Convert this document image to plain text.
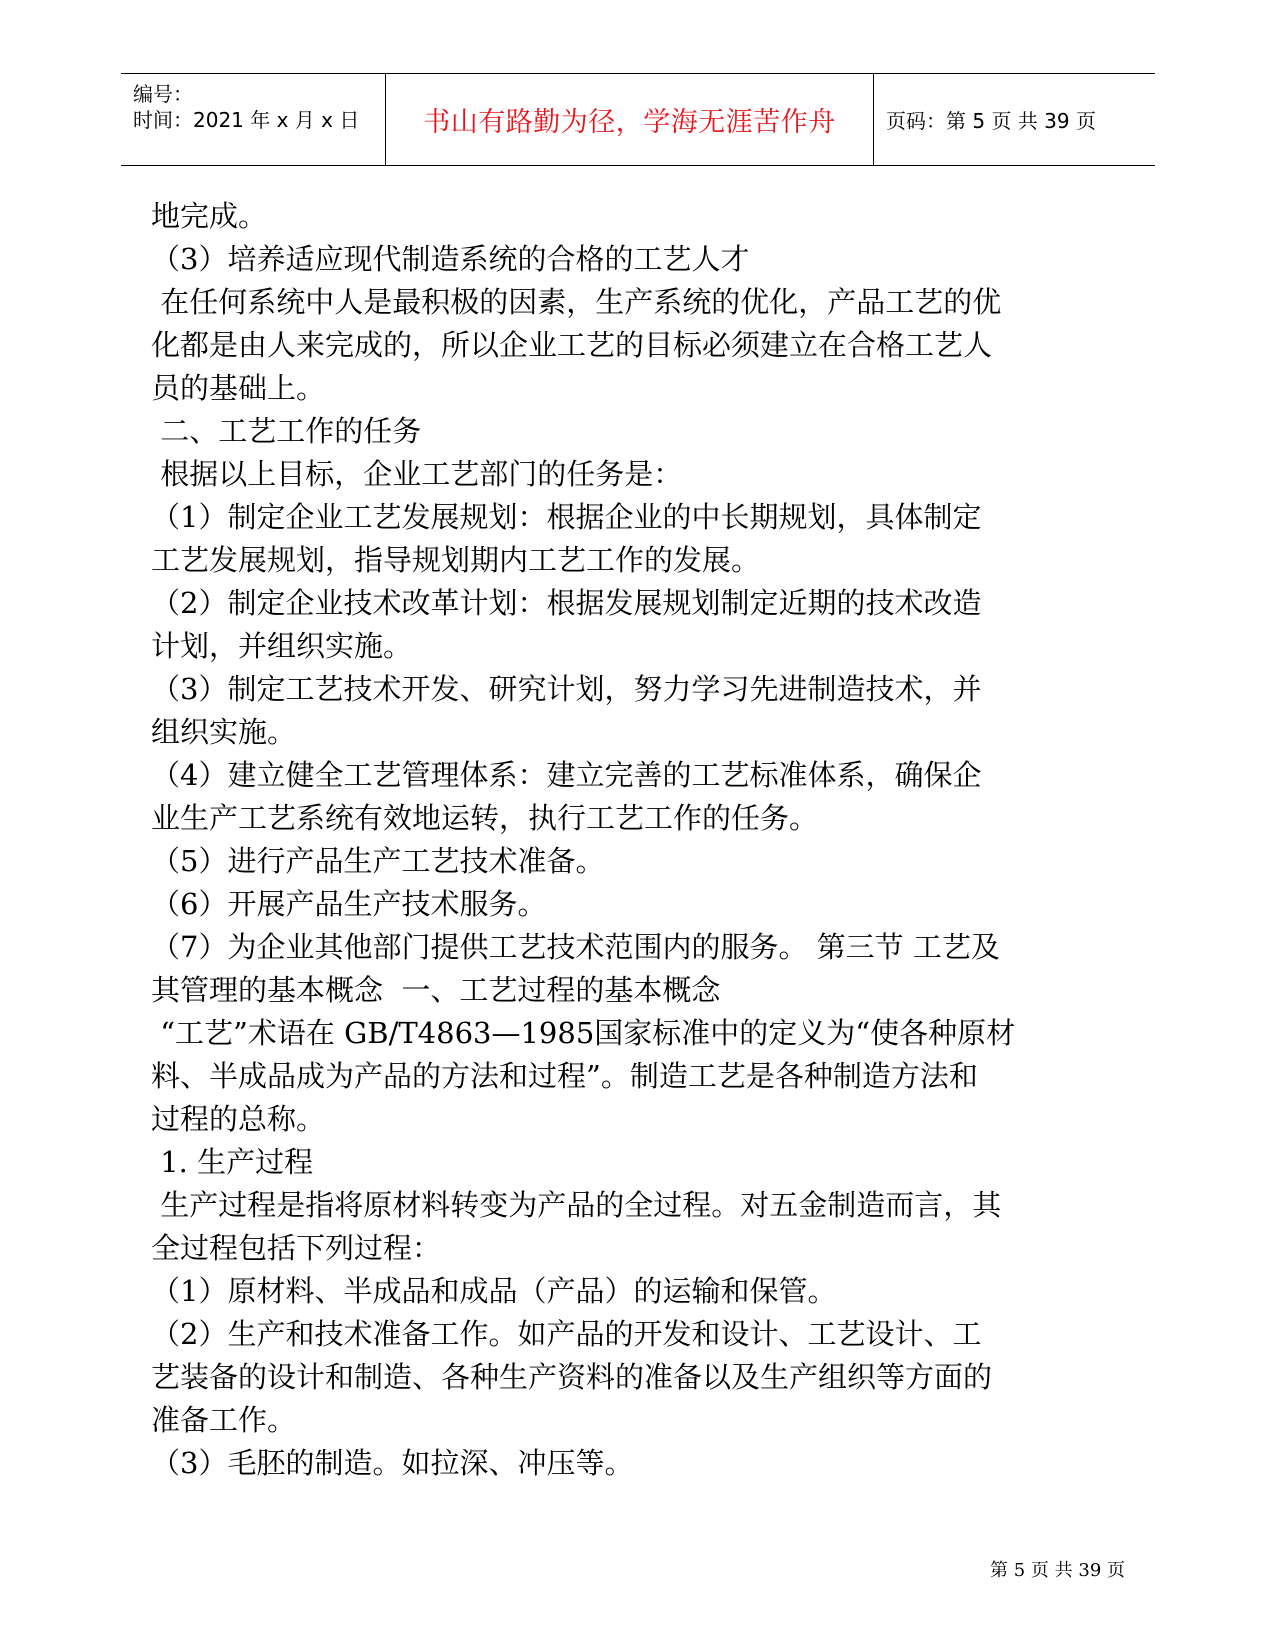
编号：
时间：2021 年 x 月 x 日 书山有路勤为径，学海无涯苦作舟	页码：第 5 页 共 39 页

地完成。

（3）培养适应现代制造系统的合格的工艺人才

在任何系统中人是最积极的因素，生产系统的优化，产品工艺的优

化都是由人来完成的，所以企业工艺的目标必须建立在合格工艺人

员的基础上。

二、工艺工作的任务

根据以上目标，企业工艺部门的任务是：

（1）制定企业工艺发展规划：根据企业的中长期规划，具体制定

工艺发展规划，指导规划期内工艺工作的发展。

（2）制定企业技术改革计划：根据发展规划制定近期的技术改造

计划，并组织实施。

（3）制定工艺技术开发、研究计划，努力学习先进制造技术，并

组织实施。

（4）建立健全工艺管理体系：建立完善的工艺标准体系，确保企

业生产工艺系统有效地运转，执行工艺工作的任务。

（5）进行产品生产工艺技术准备。

（6）开展产品生产技术服务。

（7）为企业其他部门提供工艺技术范围内的服务。 第三节 工艺及

其管理的基本概念  一、工艺过程的基本概念

“工艺”术语在 GB/T4863—1985国家标准中的定义为“使各种原材

料、半成品成为产品的方法和过程”。制造工艺是各种制造方法和

过程的总称。

1. 生产过程

生产过程是指将原材料转变为产品的全过程。对五金制造而言，其

全过程包括下列过程：

（1）原材料、半成品和成品（产品）的运输和保管。

（2）生产和技术准备工作。如产品的开发和设计、工艺设计、工

艺装备的设计和制造、各种生产资料的准备以及生产组织等方面的

准备工作。

（3）毛胚的制造。如拉深、冲压等。

第 5 页 共 39 页
